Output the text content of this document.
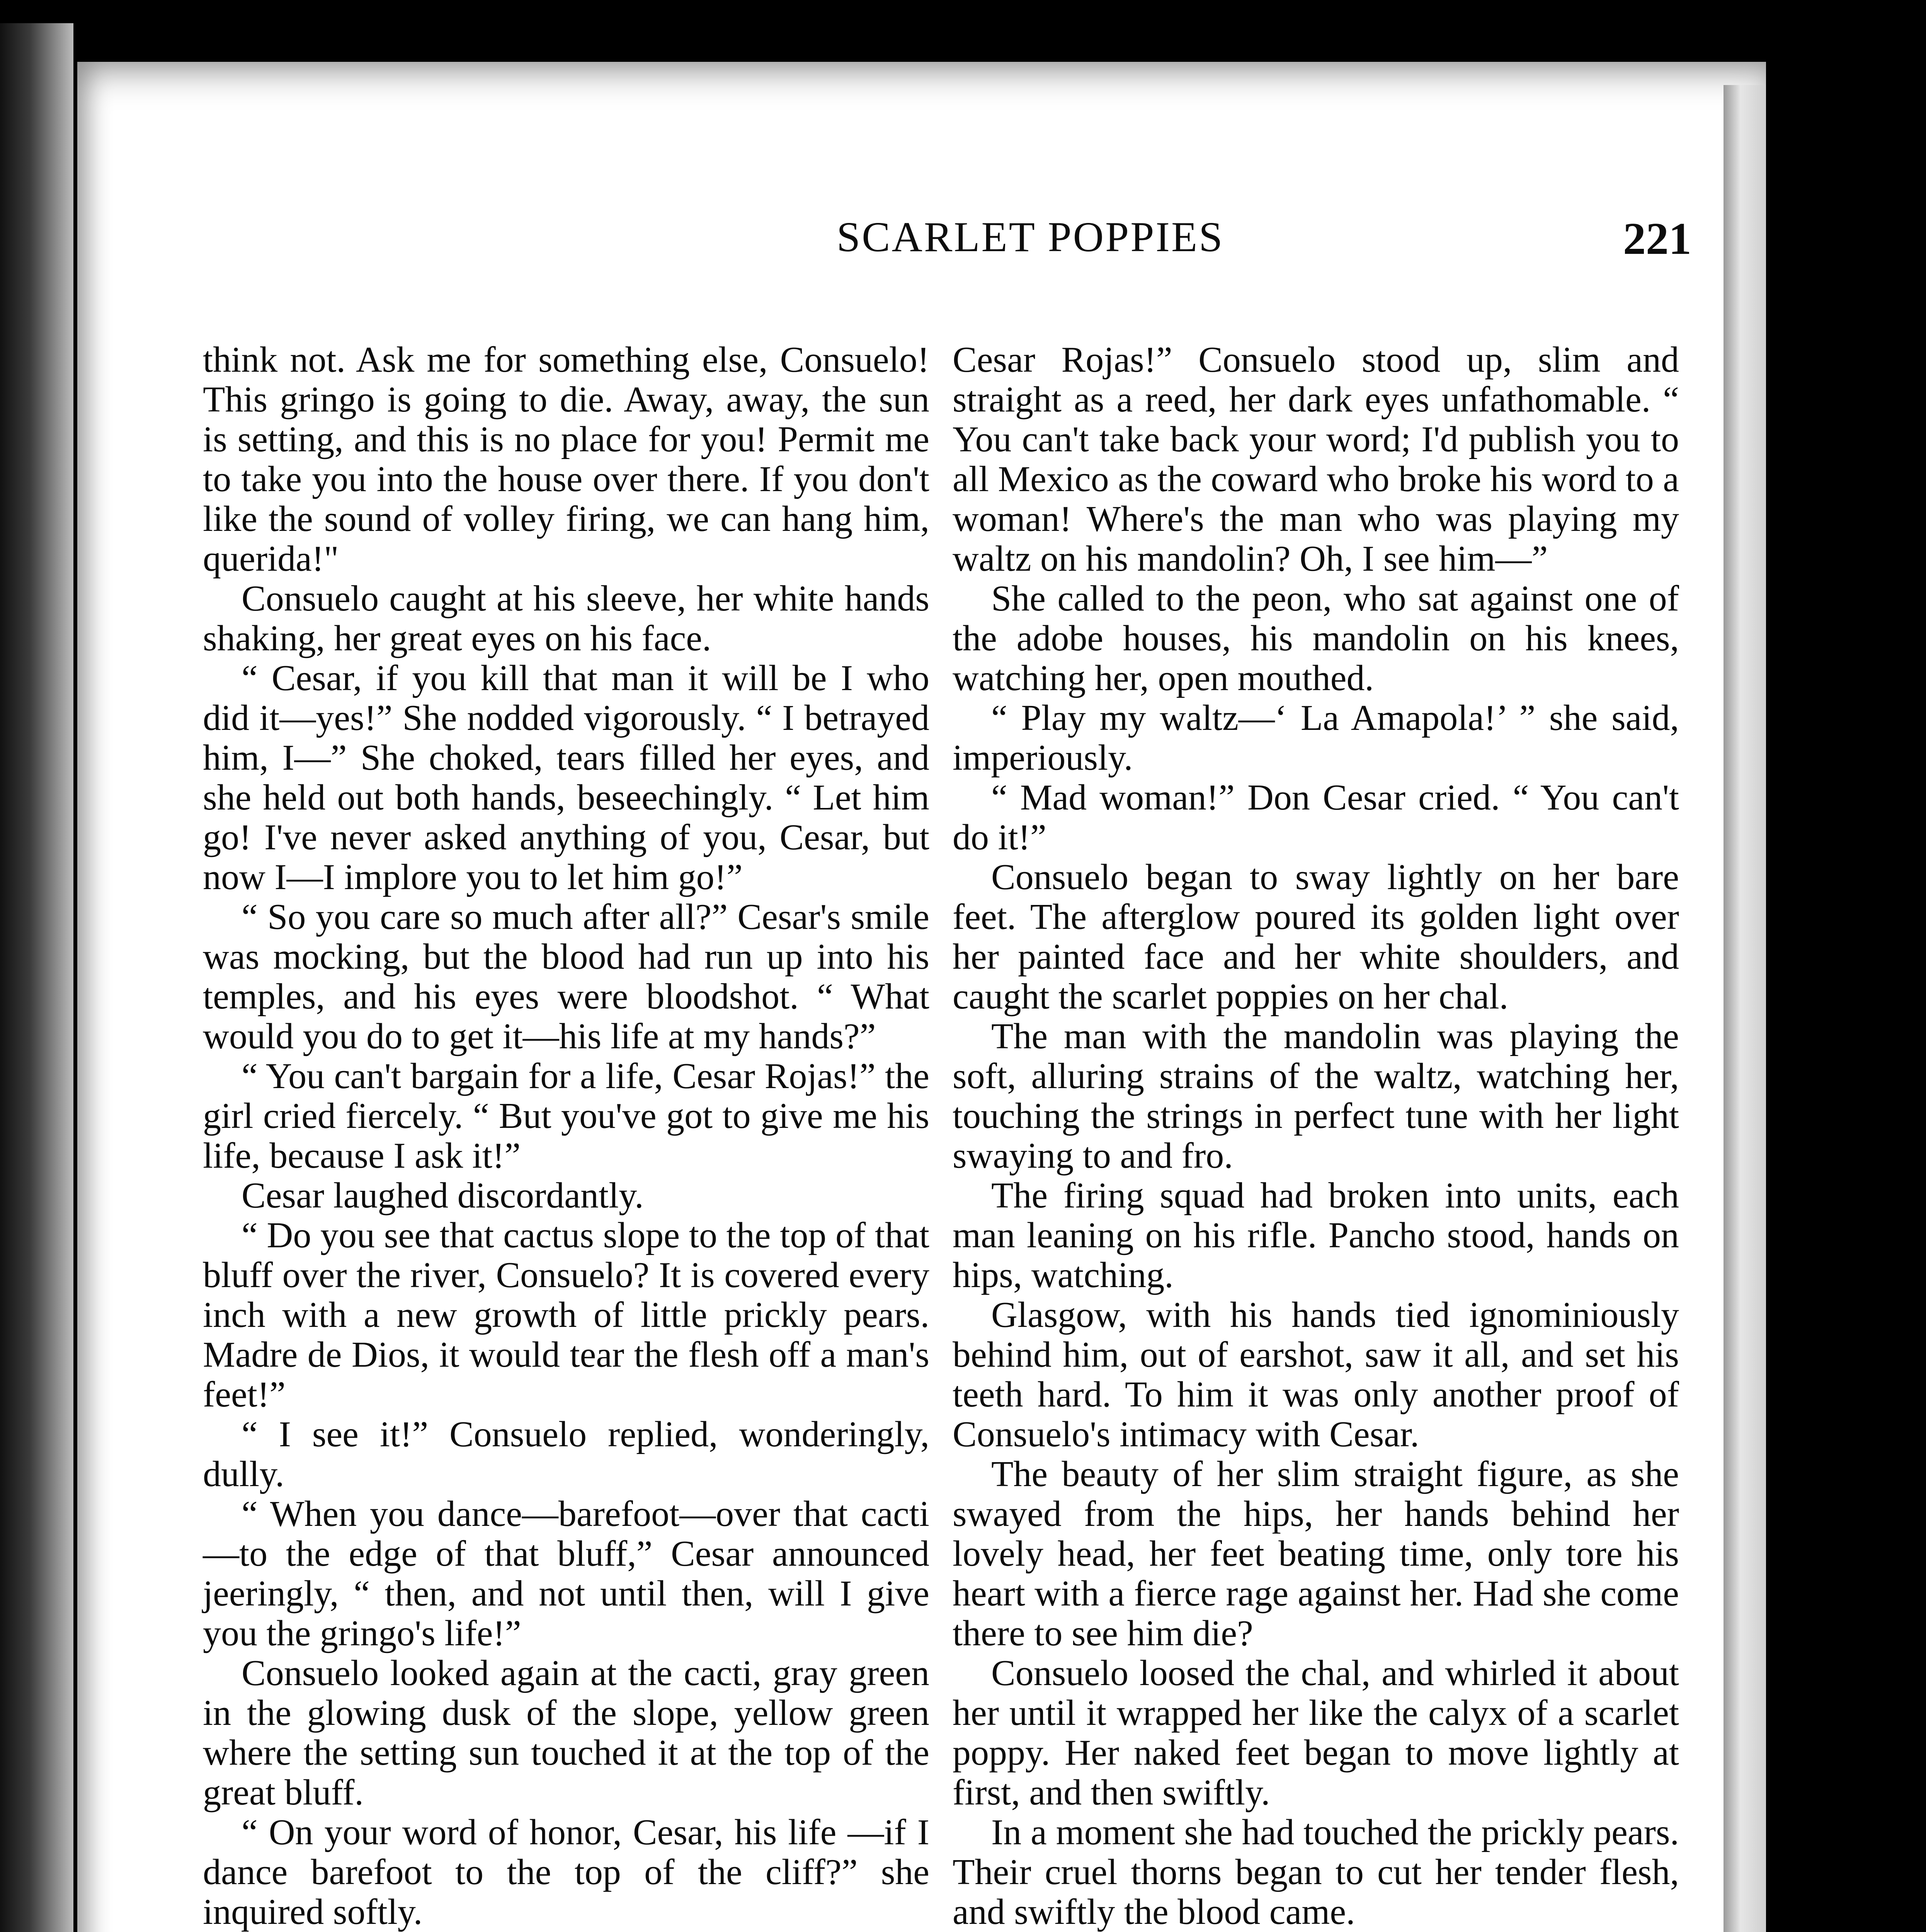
SCARLET POPPIES	221

think not. Ask me for something else, Consuelo! This gringo is going to die. Away, away, the sun is setting, and this is no place for you! Permit me to take you into the house over there. If you don't like the sound of volley firing, we can hang him, querida!"

Consuelo caught at his sleeve, her white hands shaking, her great eyes on his face.

“ Cesar, if you kill that man it will be I who did it—yes!” She nodded vigorously. “ I betrayed him, I—” She choked, tears filled her eyes, and she held out both hands, beseechingly. “ Let him go! I've never asked anything of you, Cesar, but now I—I implore you to let him go!”

“ So you care so much after all?” Cesar's smile was mocking, but the blood had run up into his temples, and his eyes were bloodshot. “ What would you do to get it—his life at my hands?”

“ You can't bargain for a life, Cesar Rojas!” the girl cried fiercely. “ But you've got to give me his life, because I ask it!”

Cesar laughed discordantly.

“ Do you see that cactus slope to the top of that bluff over the river, Consuelo? It is covered every inch with a new growth of little prickly pears. Madre de Dios, it would tear the flesh off a man's feet!”

“ I see it!” Consuelo replied, wonderingly, dully.

“ When you dance—barefoot—over that cacti—to the edge of that bluff,” Cesar announced jeeringly, “ then, and not until then, will I give you the gringo's life!”

Consuelo looked again at the cacti, gray green in the glowing dusk of the slope, yellow green where the setting sun touched it at the top of the great bluff.

“ On your word of honor, Cesar, his life —if I dance barefoot to the top of the cliff?” she inquired softly.

Cesar Rojas!” Consuelo stood up, slim and straight as a reed, her dark eyes unfathomable. “ You can't take back your word; I'd publish you to all Mexico as the coward who broke his word to a woman! Where's the man who was playing my waltz on his mandolin? Oh, I see him—”

She called to the peon, who sat against one of the adobe houses, his mandolin on his knees, watching her, open mouthed.

“ Play my waltz—‘ La Amapola!’ ” she said, imperiously.

“ Mad woman!” Don Cesar cried. “ You can't do it!”

Consuelo began to sway lightly on her bare feet. The afterglow poured its golden light over her painted face and her white shoulders, and caught the scarlet poppies on her chal.

The man with the mandolin was playing the soft, alluring strains of the waltz, watching her, touching the strings in perfect tune with her light swaying to and fro.

The firing squad had broken into units, each man leaning on his rifle. Pancho stood, hands on hips, watching.

Glasgow, with his hands tied ignominiously behind him, out of earshot, saw it all, and set his teeth hard. To him it was only another proof of Consuelo's intimacy with Cesar.

The beauty of her slim straight figure, as she swayed from the hips, her hands behind her lovely head, her feet beating time, only tore his heart with a fierce rage against her. Had she come there to see him die?

Consuelo loosed the chal, and whirled it about her until it wrapped her like the calyx of a scarlet poppy. Her naked feet began to move lightly at first, and then swiftly.

In a moment she had touched the prickly pears. Their cruel thorns began to cut her tender flesh, and swiftly the blood came.
